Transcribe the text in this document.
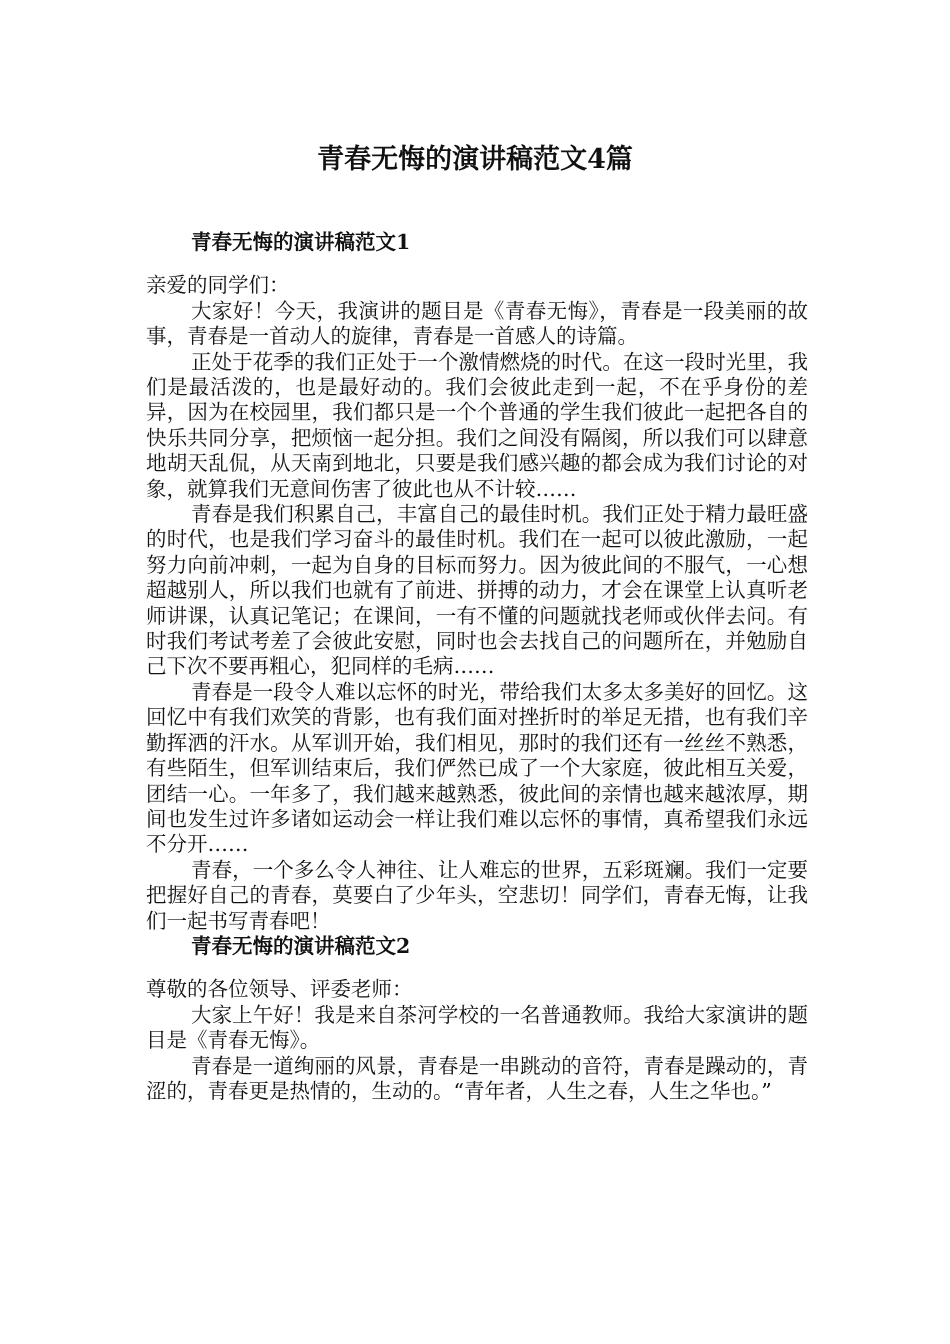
青春无悔的演讲稿范文4篇
青春无悔的演讲稿范文1
亲爱的同学们：

大家好！今天，我演讲的题目是《青春无悔》，青春是一段美丽的故事，青春是一首动人的旋律，青春是一首感人的诗篇。

正处于花季的我们正处于一个激情燃烧的时代。在这一段时光里，我们是最活泼的，也是最好动的。我们会彼此走到一起，不在乎身份的差异，因为在校园里，我们都只是一个个普通的学生我们彼此一起把各自的快乐共同分享，把烦恼一起分担。我们之间没有隔阂，所以我们可以肆意地胡天乱侃，从天南到地北，只要是我们感兴趣的都会成为我们讨论的对象，就算我们无意间伤害了彼此也从不计较……

青春是我们积累自己，丰富自己的最佳时机。我们正处于精力最旺盛的时代，也是我们学习奋斗的最佳时机。我们在一起可以彼此激励，一起努力向前冲刺，一起为自身的目标而努力。因为彼此间的不服气，一心想超越别人，所以我们也就有了前进、拼搏的动力，才会在课堂上认真听老师讲课，认真记笔记；在课间，一有不懂的问题就找老师或伙伴去问。有时我们考试考差了会彼此安慰，同时也会去找自己的问题所在，并勉励自己下次不要再粗心，犯同样的毛病……

青春是一段令人难以忘怀的时光，带给我们太多太多美好的回忆。这回忆中有我们欢笑的背影，也有我们面对挫折时的举足无措，也有我们辛勤挥洒的汗水。从军训开始，我们相见，那时的我们还有一丝丝不熟悉，有些陌生，但军训结束后，我们俨然已成了一个大家庭，彼此相互关爱，团结一心。一年多了，我们越来越熟悉，彼此间的亲情也越来越浓厚，期间也发生过许多诸如运动会一样让我们难以忘怀的事情，真希望我们永远不分开……

青春，一个多么令人神往、让人难忘的世界，五彩斑斓。我们一定要把握好自己的青春，莫要白了少年头，空悲切！同学们，青春无悔，让我们一起书写青春吧！

青春无悔的演讲稿范文2
尊敬的各位领导、评委老师：

大家上午好！我是来自茶河学校的一名普通教师。我给大家演讲的题目是《青春无悔》。

青春是一道绚丽的风景，青春是一串跳动的音符，青春是躁动的，青涩的，青春更是热情的，生动的。“青年者，人生之春，人生之华也。”
